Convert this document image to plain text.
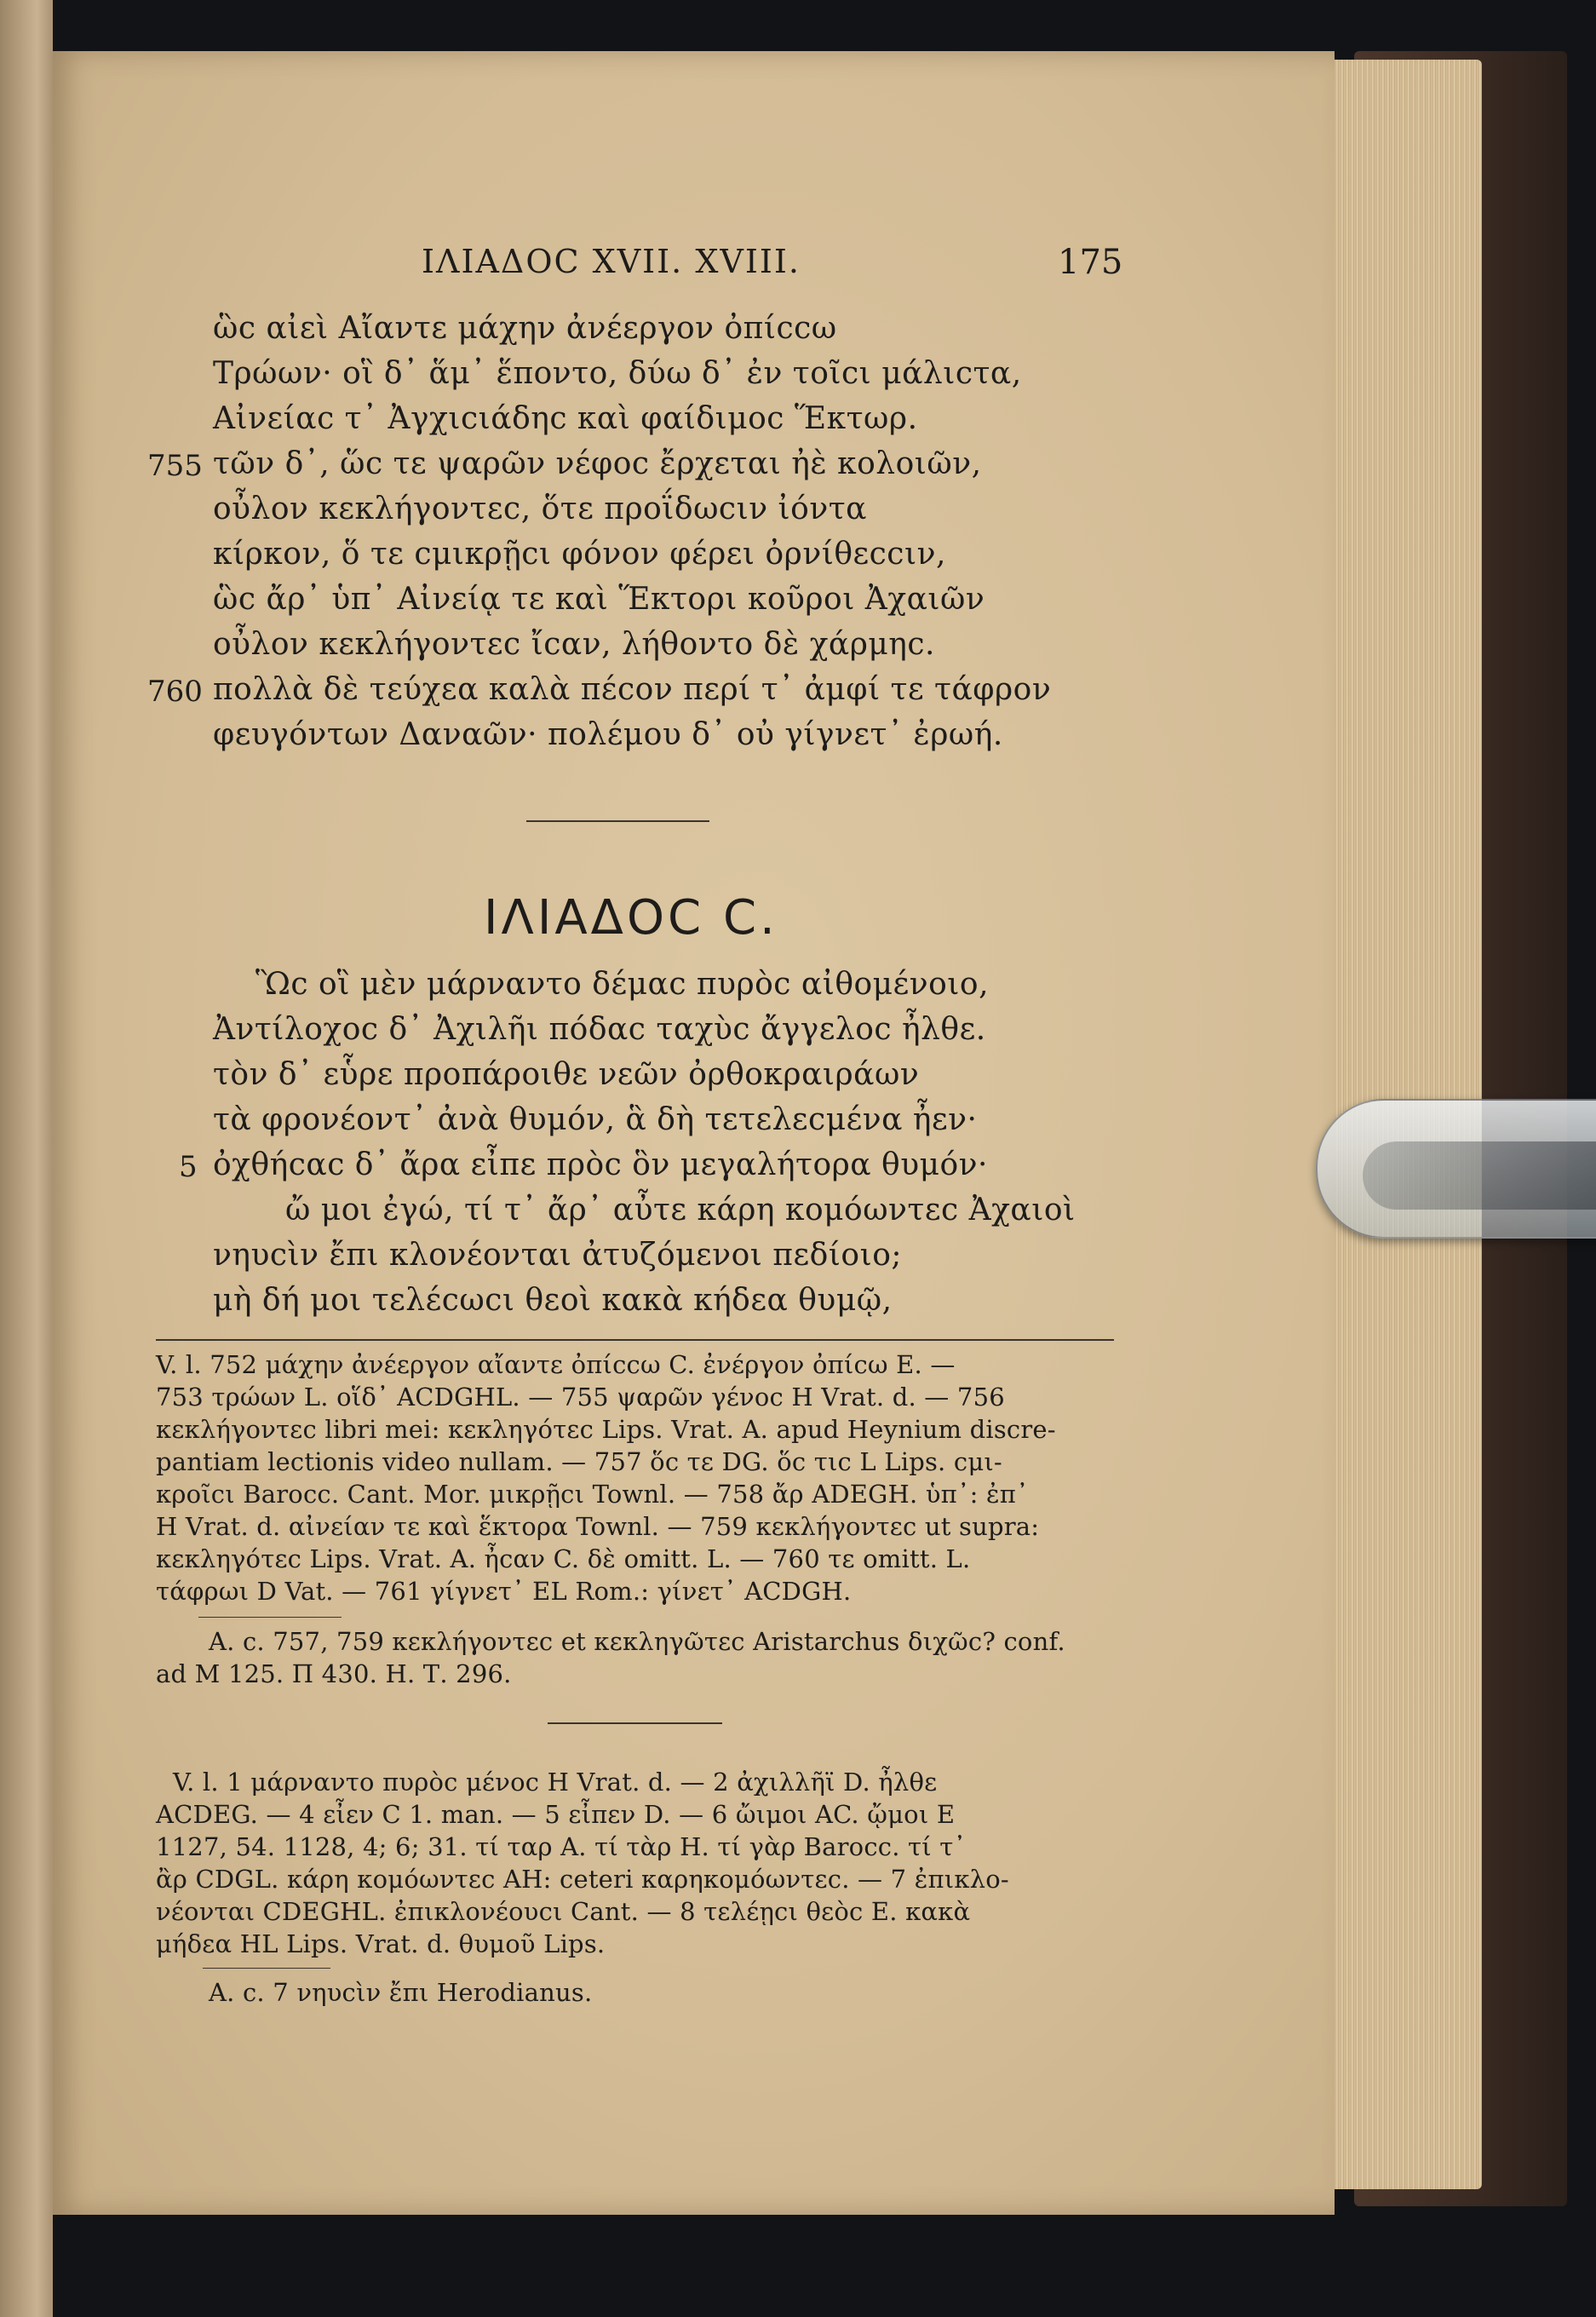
ΙΛΙΑΔΟC XVII. XVIII.	175
ὣc αἰεὶ Αἴαντε μάχην ἀνέεργον ὀπίccω
Τρώων· οἳ δ᾽ ἅμ᾽ ἕποντο, δύω δ᾽ ἐν τοῖcι μάλιcτα,
Αἰνείαc τ᾽ Ἀγχιcιάδηc καὶ φαίδιμοc Ἕκτωρ.
755 τῶν δ᾽, ὥc τε ψαρῶν νέφοc ἔρχεται ἠὲ κολοιῶν,
οὖλον κεκλήγοντεc, ὅτε προΐδωcιν ἰόντα
κίρκον, ὅ τε cμικρῇcι φόνον φέρει ὀρνίθεccιν,
ὣc ἄρ᾽ ὑπ᾽ Αἰνείᾳ τε καὶ Ἕκτορι κοῦροι Ἀχαιῶν
οὖλον κεκλήγοντεc ἴcαν, λήθοντο δὲ χάρμηc.
760 πολλὰ δὲ τεύχεα καλὰ πέcον περί τ᾽ ἀμφί τε τάφρον
φευγόντων Δαναῶν· πολέμου δ᾽ οὐ γίγνετ᾽ ἐρωή.
ΙΛΙΑΔΟC C.
Ὣc οἳ μὲν μάρναντο δέμαc πυρὸc αἰθομένοιο,
Ἀντίλοχοc δ᾽ Ἀχιλῆι πόδαc ταχὺc ἄγγελοc ἦλθε.
τὸν δ᾽ εὗρε προπάροιθε νεῶν ὀρθοκραιράων
τὰ φρονέοντ᾽ ἀνὰ θυμόν, ἃ δὴ τετελεcμένα ἦεν·
5 ὀχθήcαc δ᾽ ἄρα εἶπε πρὸc ὃν μεγαλήτορα θυμόν·
ὤ μοι ἐγώ, τί τ᾽ ἄρ᾽ αὖτε κάρη κομόωντεc Ἀχαιοὶ
νηυcὶν ἔπι κλονέονται ἀτυζόμενοι πεδίοιο;
μὴ δή μοι τελέcωcι θεοὶ κακὰ κήδεα θυμῷ,
V. l. 752 μάχην ἀνέεργον αἴαντε ὀπίccω C. ἐνέργον ὀπίcω E. —
753 τρώων L. οἵδ᾽ ACDGHL. — 755 ψαρῶν γένοc H Vrat. d. — 756
κεκλήγοντεc libri mei: κεκληγότεc Lips. Vrat. A. apud Heynium discre-
pantiam lectionis video nullam. — 757 ὅc τε DG. ὅc τιc L Lips. cμι-
κροῖcι Barocc. Cant. Mor. μικρῇcι Townl. — 758 ἄρ ADEGH. ὑπ᾽: ἐπ᾽
H Vrat. d. αἰνείαν τε καὶ ἕκτορα Townl. — 759 κεκλήγοντεc ut supra:
κεκληγότεc Lips. Vrat. A. ἦcαν C. δὲ omitt. L. — 760 τε omitt. L.
τάφρωι D Vat. — 761 γίγνετ᾽ EL Rom.: γίνετ᾽ ACDGH.
A. c. 757, 759 κεκλήγοντεc et κεκληγῶτεc Aristarchus διχῶc? conf.
ad M 125. Π 430. Η. Τ. 296.
V. l. 1 μάρναντο πυρὸc μένοc H Vrat. d. — 2 ἀχιλλῆϊ D. ἦλθε
ACDEG. — 4 εἶεν C 1. man. — 5 εἶπεν D. — 6 ὤιμοι AC. ᾤμοι E
1127, 54. 1128, 4; 6; 31. τί ταρ A. τί τὰρ H. τί γὰρ Barocc. τί τ᾽
ἂρ CDGL. κάρη κομόωντεc AH: ceteri καρηκομόωντεc. — 7 ἐπικλο-
νέονται CDEGHL. ἐπικλονέουcι Cant. — 8 τελέῃcι θεὸc E. κακὰ
μήδεα HL Lips. Vrat. d. θυμοῦ Lips.
A. c. 7 νηυcὶν ἔπι Herodianus.
